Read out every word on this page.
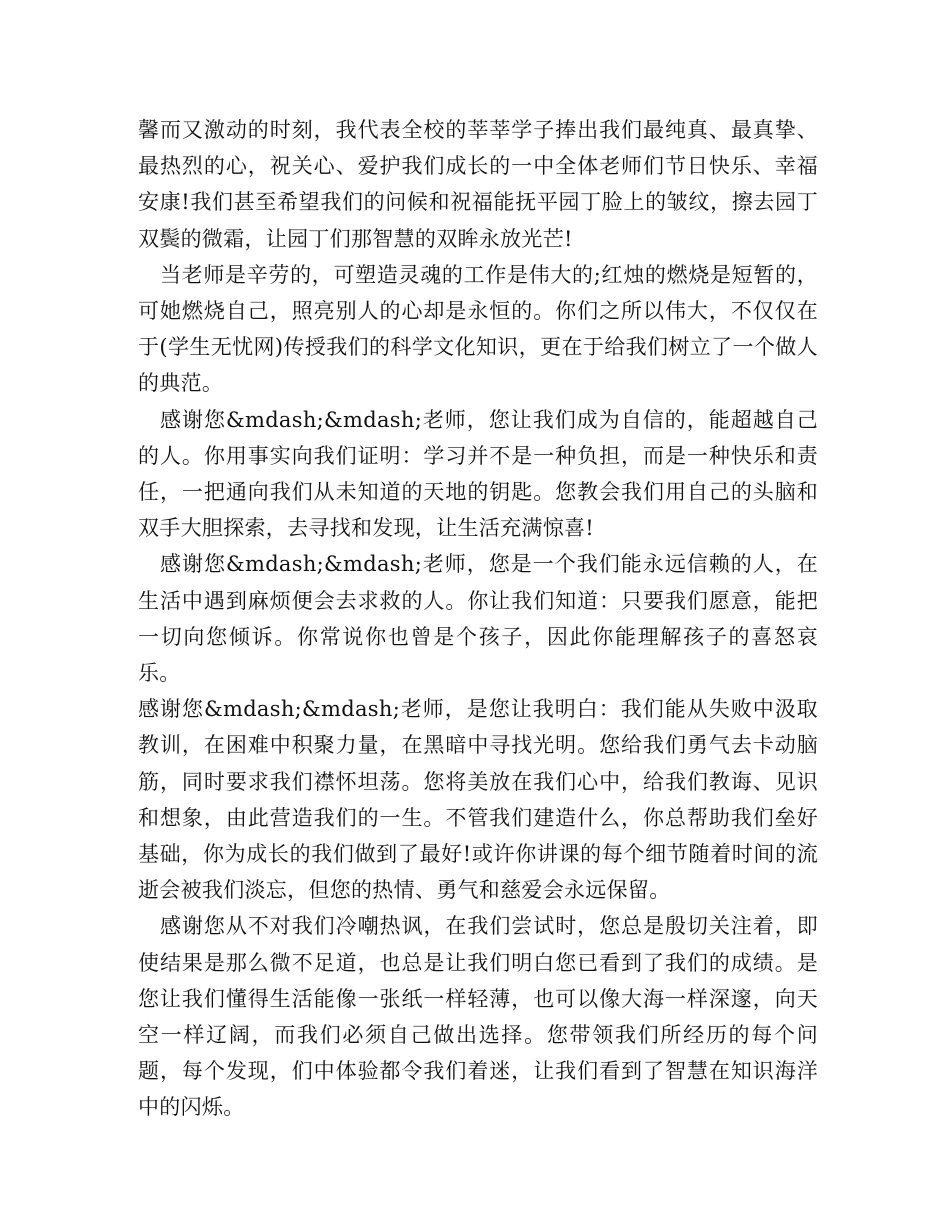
馨而又激动的时刻，我代表全校的莘莘学子捧出我们最纯真、最真挚、最热烈的心，祝关心、爱护我们成长的一中全体老师们节日快乐、幸福安康!我们甚至希望我们的问候和祝福能抚平园丁脸上的皱纹，擦去园丁双鬓的微霜，让园丁们那智慧的双眸永放光芒!

当老师是辛劳的，可塑造灵魂的工作是伟大的;红烛的燃烧是短暂的，可她燃烧自己，照亮别人的心却是永恒的。你们之所以伟大，不仅仅在于(学生无忧网)传授我们的科学文化知识，更在于给我们树立了一个做人的典范。

感谢您&mdash;&mdash;老师，您让我们成为自信的，能超越自己的人。你用事实向我们证明：学习并不是一种负担，而是一种快乐和责任，一把通向我们从未知道的天地的钥匙。您教会我们用自己的头脑和双手大胆探索，去寻找和发现，让生活充满惊喜!

感谢您&mdash;&mdash;老师，您是一个我们能永远信赖的人，在生活中遇到麻烦便会去求救的人。你让我们知道：只要我们愿意，能把一切向您倾诉。你常说你也曾是个孩子，因此你能理解孩子的喜怒哀乐。

感谢您&mdash;&mdash;老师，是您让我明白：我们能从失败中汲取教训，在困难中积聚力量，在黑暗中寻找光明。您给我们勇气去卡动脑筋，同时要求我们襟怀坦荡。您将美放在我们心中，给我们教诲、见识和想象，由此营造我们的一生。不管我们建造什么，你总帮助我们垒好基础，你为成长的我们做到了最好!或许你讲课的每个细节随着时间的流逝会被我们淡忘，但您的热情、勇气和慈爱会永远保留。

感谢您从不对我们冷嘲热讽，在我们尝试时，您总是殷切关注着，即使结果是那么微不足道，也总是让我们明白您已看到了我们的成绩。是您让我们懂得生活能像一张纸一样轻薄，也可以像大海一样深邃，向天空一样辽阔，而我们必须自己做出选择。您带领我们所经历的每个问题，每个发现，们中体验都令我们着迷，让我们看到了智慧在知识海洋中的闪烁。
